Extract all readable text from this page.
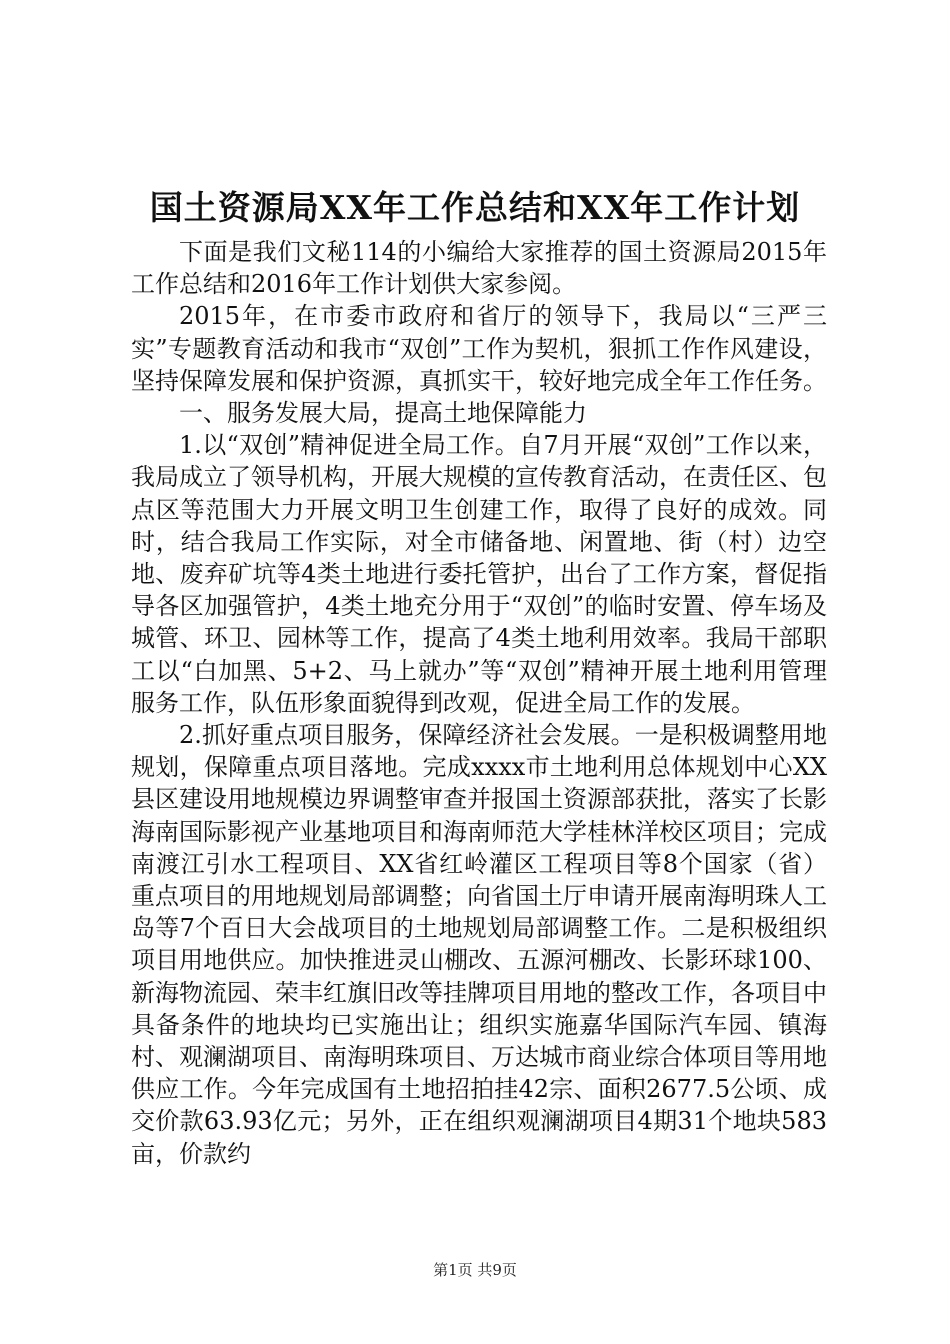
国土资源局XX年工作总结和XX年工作计划

下面是我们文秘114的小编给大家推荐的国土资源局2015年工作总结和2016年工作计划供大家参阅。

2015年，在市委市政府和省厅的领导下，我局以“三严三实”专题教育活动和我市“双创”工作为契机，狠抓工作作风建设，坚持保障发展和保护资源，真抓实干，较好地完成全年工作任务。

一、服务发展大局，提高土地保障能力

1.以“双创”精神促进全局工作。自7月开展“双创”工作以来，我局成立了领导机构，开展大规模的宣传教育活动，在责任区、包点区等范围大力开展文明卫生创建工作，取得了良好的成效。同时，结合我局工作实际，对全市储备地、闲置地、街（村）边空地、废弃矿坑等4类土地进行委托管护，出台了工作方案，督促指导各区加强管护，4类土地充分用于“双创”的临时安置、停车场及城管、环卫、园林等工作，提高了4类土地利用效率。我局干部职工以“白加黑、5+2、马上就办”等“双创”精神开展土地利用管理服务工作，队伍形象面貌得到改观，促进全局工作的发展。

2.抓好重点项目服务，保障经济社会发展。一是积极调整用地规划，保障重点项目落地。完成xxxx市土地利用总体规划中心XX县区建设用地规模边界调整审查并报国土资源部获批，落实了长影海南国际影视产业基地项目和海南师范大学桂林洋校区项目；完成南渡江引水工程项目、XX省红岭灌区工程项目等8个国家（省）重点项目的用地规划局部调整；向省国土厅申请开展南海明珠人工岛等7个百日大会战项目的土地规划局部调整工作。二是积极组织项目用地供应。加快推进灵山棚改、五源河棚改、长影环球100、新海物流园、荣丰红旗旧改等挂牌项目用地的整改工作，各项目中具备条件的地块均已实施出让；组织实施嘉华国际汽车园、镇海村、观澜湖项目、南海明珠项目、万达城市商业综合体项目等用地供应工作。今年完成国有土地招拍挂42宗、面积2677.5公顷、成交价款63.93亿元；另外，正在组织观澜湖项目4期31个地块583亩，价款约

第1页 共9页
